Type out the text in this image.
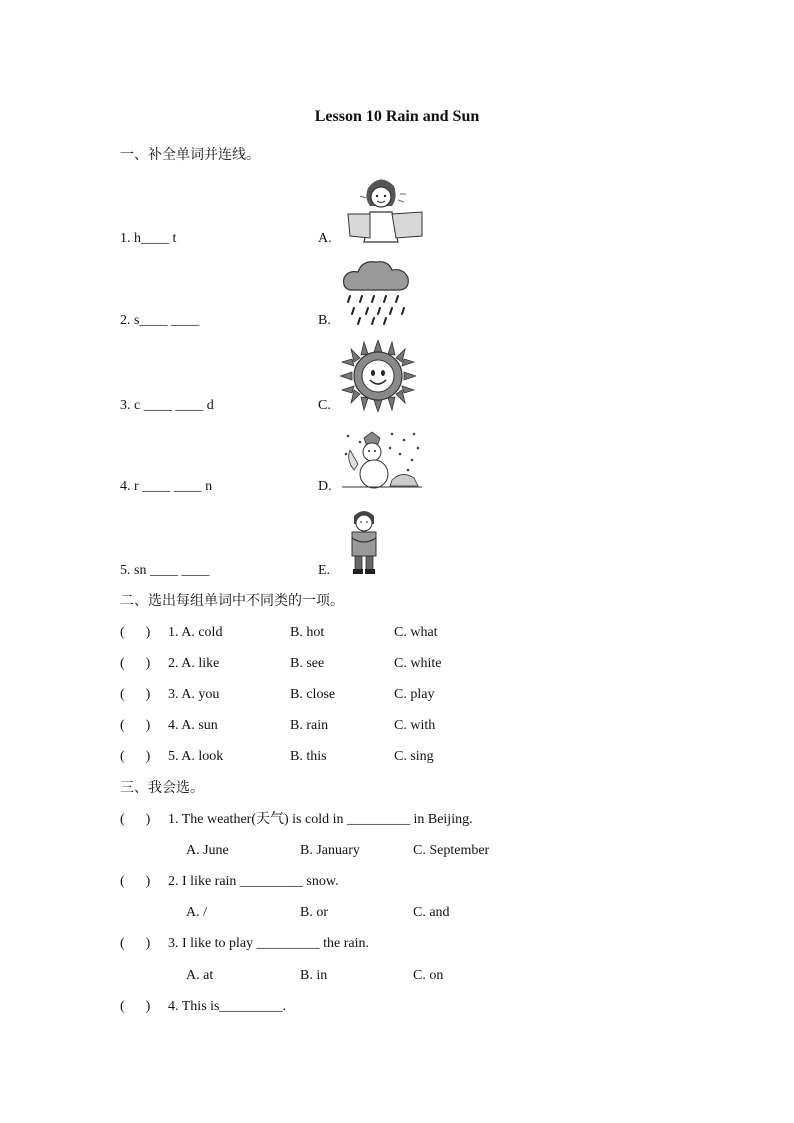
Lesson 10 Rain and Sun
一、补全单词并连线。
1. h____ t
2. s____ ____
3. c ____ ____ d
4. r ____ ____ n
5. sn ____ ____
A.
B.
C.
D.
E.
二、选出每组单词中不同类的一项。
(      ) 1. A. cold	B. hot	C. what
(      ) 2. A. like	B. see	C. white
(      ) 3. A. you	B. close	C. play
(      ) 4. A. sun	B. rain	C. with
(      ) 5. A. look	B. this	C. sing
三、我会选。
(      ) 1. The weather(天气) is cold in _________ in Beijing.
A. June	B. January	C. September
(      ) 2. I like rain _________ snow.
A. /	B. or	C. and
(      ) 3. I like to play _________ the rain.
A. at	B. in	C. on
(      ) 4. This is_________.
